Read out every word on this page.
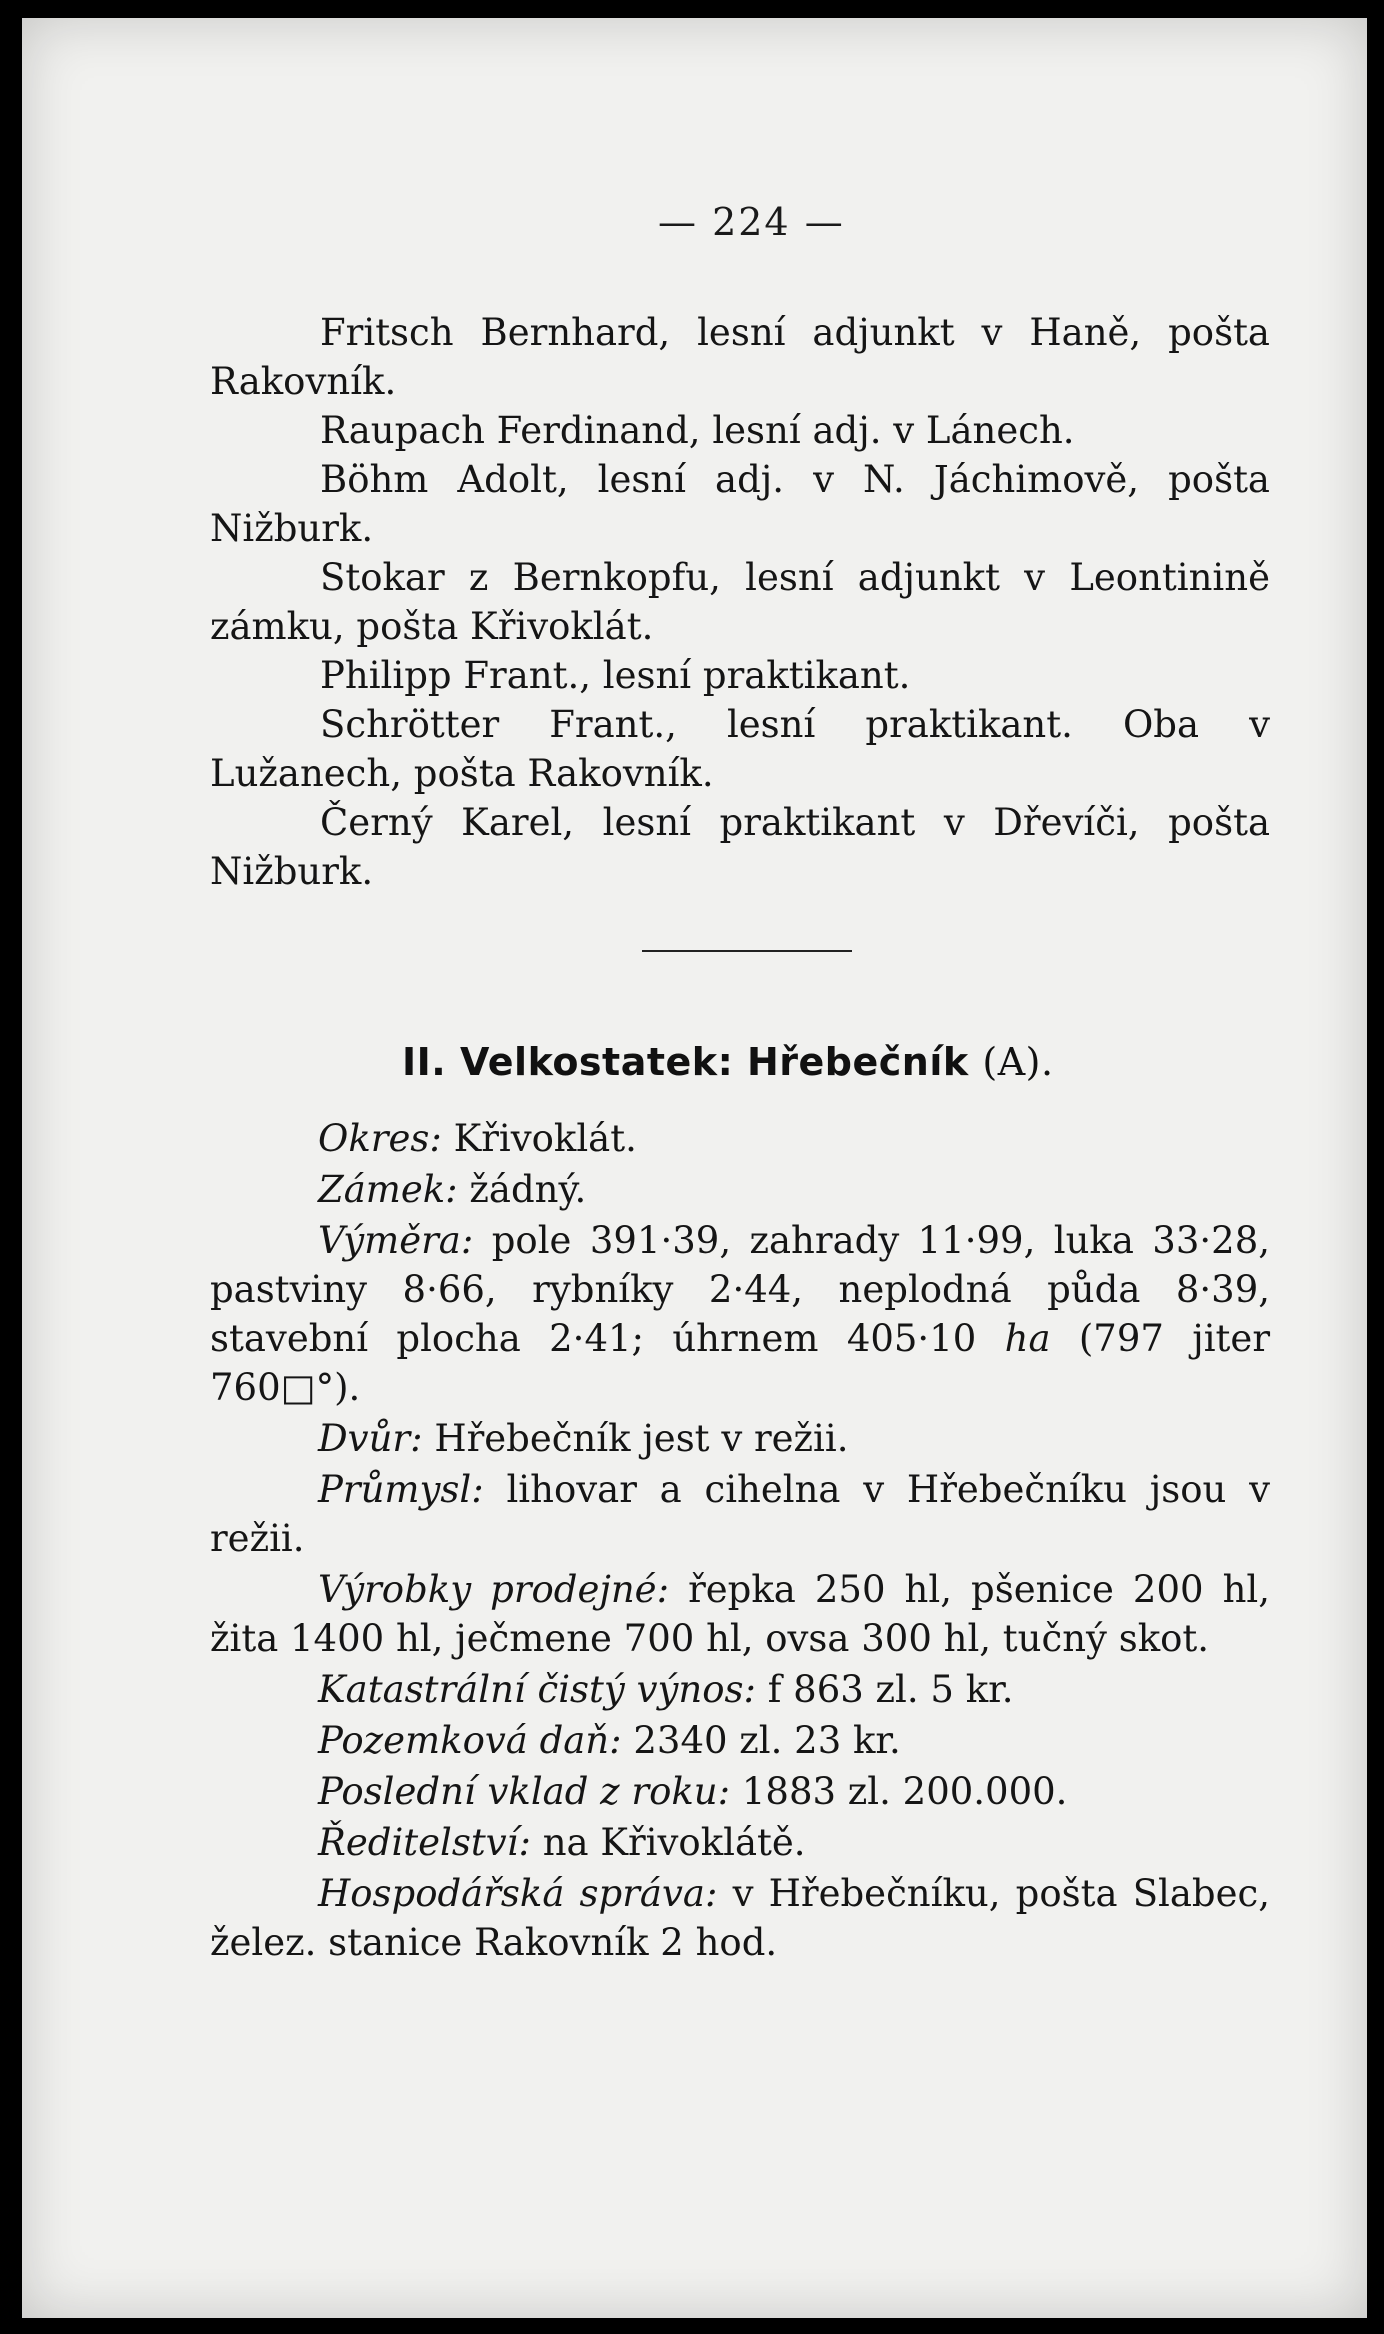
— 224 —

Fritsch Bernhard, lesní adjunkt v Haně, pošta Rakovník.

Raupach Ferdinand, lesní adj. v Lánech.

Böhm Adolt, lesní adj. v N. Jáchimově, pošta Nižburk.

Stokar z Bernkopfu, lesní adjunkt v Leontinině zámku, pošta Křivoklát.

Philipp Frant., lesní praktikant.

Schrötter Frant., lesní praktikant. Oba v Lužanech, pošta Rakovník.

Černý Karel, lesní praktikant v Dřevíči, pošta Nižburk.

II. Velkostatek: Hřebečník (A).

Okres: Křivoklát.

Zámek: žádný.

Výměra: pole 391·39, zahrady 11·99, luka 33·28, pastviny 8·66, rybníky 2·44, neplodná půda 8·39, stavební plocha 2·41; úhrnem 405·10 ha (797 jiter 760□°).

Dvůr: Hřebečník jest v režii.

Průmysl: lihovar a cihelna v Hřebečníku jsou v režii.

Výrobky prodejné: řepka 250 hl, pšenice 200 hl, žita 1400 hl, ječmene 700 hl, ovsa 300 hl, tučný skot.

Katastrální čistý výnos: f 863 zl. 5 kr.

Pozemková daň: 2340 zl. 23 kr.

Poslední vklad z roku: 1883 zl. 200.000.

Ředitelství: na Křivoklátě.

Hospodářská správa: v Hřebečníku, pošta Slabec, želez. stanice Rakovník 2 hod.
